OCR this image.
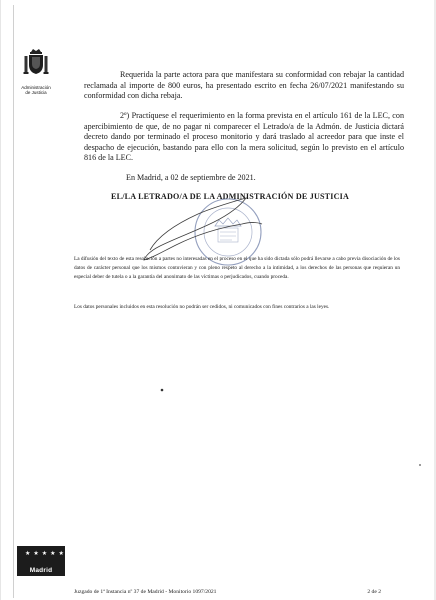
Administración
de Justicia
Requerida la parte actora para que manifestara su conformidad con rebajar la cantidad reclamada al importe de 800 euros, ha presentado escrito en fecha 26/07/2021 manifestando su conformidad con dicha rebaja.
2º) Practíquese el requerimiento en la forma prevista en el artículo 161 de la LEC, con apercibimiento de que, de no pagar ni comparecer el Letrado/a de la Admón. de Justicia dictará decreto dando por terminado el proceso monitorio y dará traslado al acreedor para que inste el despacho de ejecución, bastando para ello con la mera solicitud, según lo previsto en el artículo 816 de la LEC.
En Madrid, a 02 de septiembre de 2021.
EL/LA LETRADO/A DE LA ADMINISTRACIÓN DE JUSTICIA
La difusión del texto de esta resolución a partes no interesadas en el proceso en el que ha sido dictada sólo podrá llevarse a cabo previa disociación de los datos de carácter personal que los mismos contuvieran y con pleno respeto al derecho a la intimidad, a los derechos de las personas que requieran un especial deber de tutela o a la garantía del anonimato de las víctimas o perjudicados, cuando proceda.
Los datos personales incluidos en esta resolución no podrán ser cedidos, ni comunicados con fines contrarios a las leyes.
★★★★★★★
Madrid
Juzgado de 1ª Instancia nº 37 de Madrid - Monitorio 1097/2021	2 de 2
